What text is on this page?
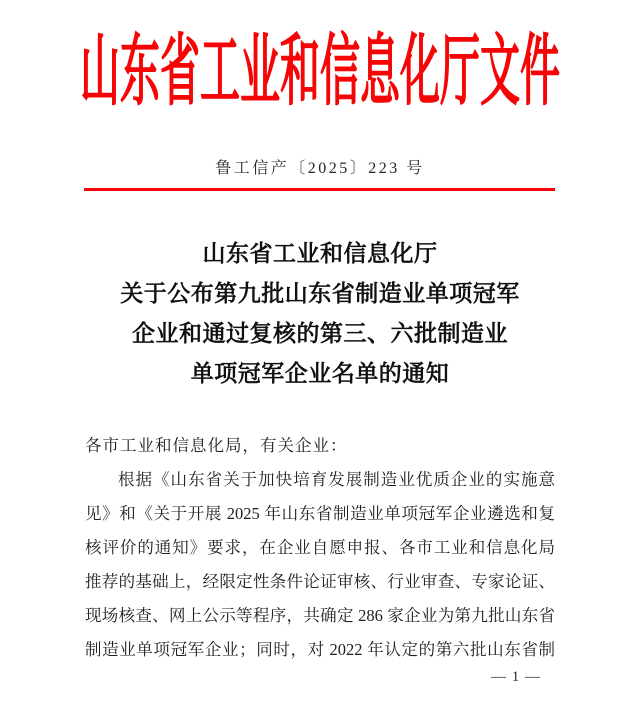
山东省工业和信息化厅文件
鲁工信产〔2025〕223 号
山东省工业和信息化厅
关于公布第九批山东省制造业单项冠军
企业和通过复核的第三、六批制造业
单项冠军企业名单的通知
各市工业和信息化局，有关企业：
根据《山东省关于加快培育发展制造业优质企业的实施意
见》和《关于开展 2025 年山东省制造业单项冠军企业遴选和复
核评价的通知》要求，在企业自愿申报、各市工业和信息化局
推荐的基础上，经限定性条件论证审核、行业审查、专家论证、
现场核查、网上公示等程序，共确定 286 家企业为第九批山东省
制造业单项冠军企业；同时，对 2022 年认定的第六批山东省制
— 1 —
